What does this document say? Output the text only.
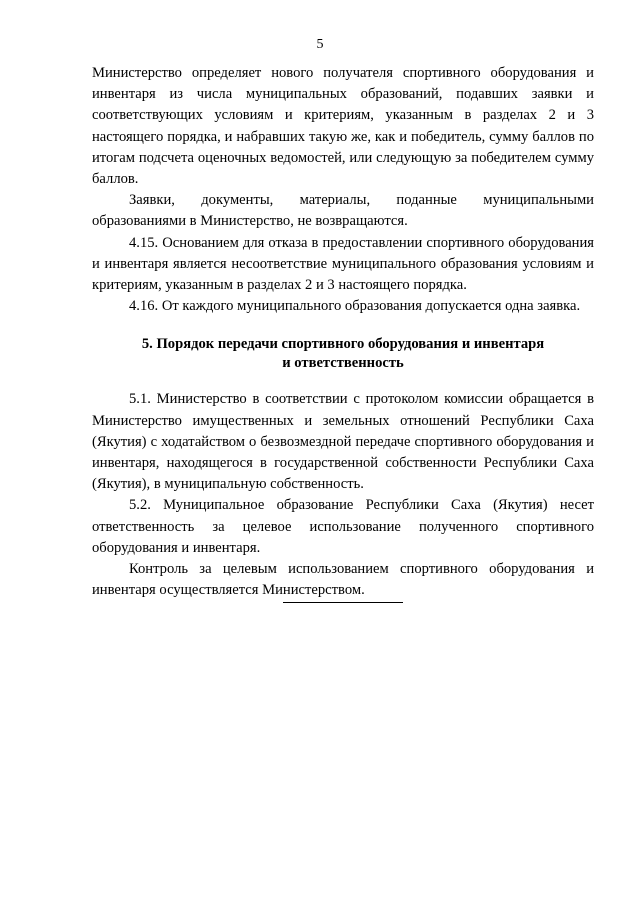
5

Министерство определяет нового получателя спортивного оборудования и инвентаря из числа муниципальных образований, подавших заявки и соответствующих условиям и критериям, указанным в разделах 2 и 3 настоящего порядка, и набравших такую же, как и победитель, сумму баллов по итогам подсчета оценочных ведомостей, или следующую за победителем сумму баллов.

Заявки, документы, материалы, поданные муниципальными образованиями в Министерство, не возвращаются.

4.15. Основанием для отказа в предоставлении спортивного оборудования и инвентаря является несоответствие муниципального образования условиям и критериям, указанным в разделах 2 и 3 настоящего порядка.

4.16. От каждого муниципального образования допускается одна заявка.

5. Порядок передачи спортивного оборудования и инвентаря
и ответственность

5.1. Министерство в соответствии с протоколом комиссии обращается в Министерство имущественных и земельных отношений Республики Саха (Якутия) с ходатайством о безвозмездной передаче спортивного оборудования и инвентаря, находящегося в государственной собственности Республики Саха (Якутия), в муниципальную собственность.

5.2. Муниципальное образование Республики Саха (Якутия) несет ответственность за целевое использование полученного спортивного оборудования и инвентаря.

Контроль за целевым использованием спортивного оборудования и инвентаря осуществляется Министерством.
